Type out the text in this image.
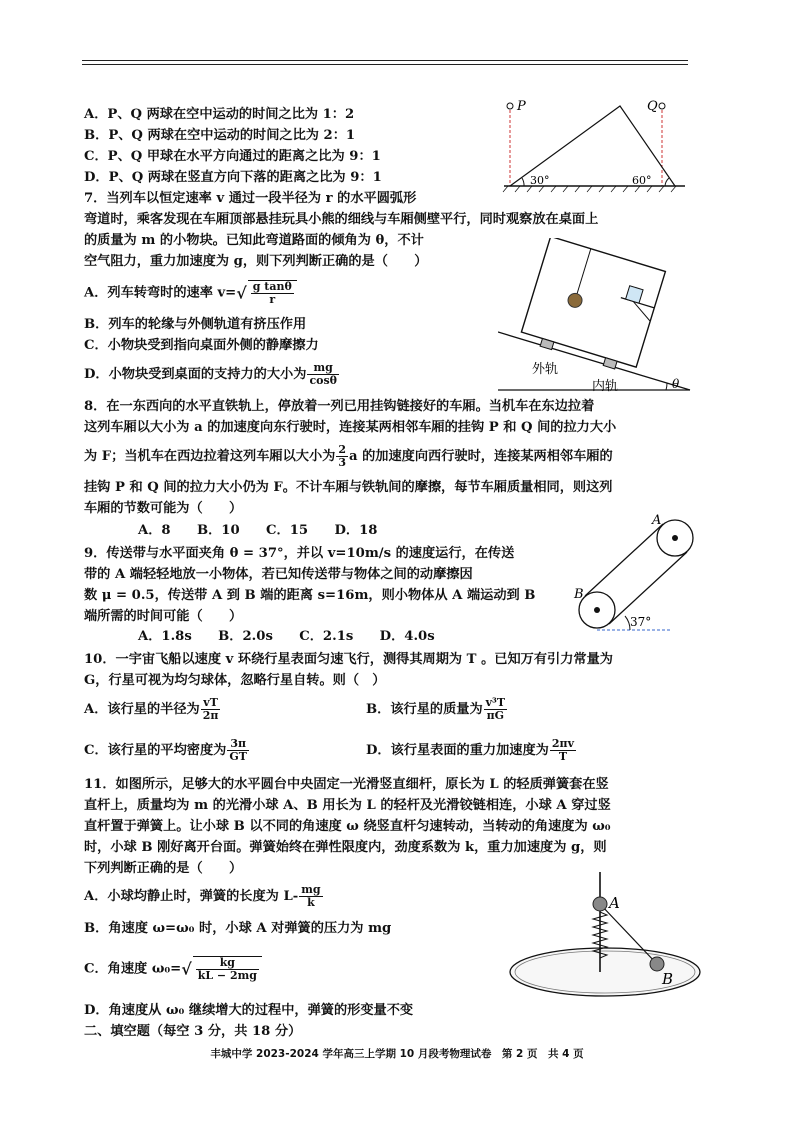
A．P、Q 两球在空中运动的时间之比为 1：2
B．P、Q 两球在空中运动的时间之比为 2：1
C．P、Q 甲球在水平方向通过的距离之比为 9：1
D．P、Q 两球在竖直方向下落的距离之比为 9：1
P	Q
30°	60°
7．当列车以恒定速率 v 通过一段半径为 r 的水平圆弧形
弯道时，乘客发现在车厢顶部悬挂玩具小熊的细线与车厢侧壁平行，同时观察放在桌面上
的质量为 m 的小物块。已知此弯道路面的倾角为 θ，不计
空气阻力，重力加速度为 g，则下列判断正确的是（　　）
A．列车转弯时的速率 $v=√ \frac{\text{g tanθ}}{r}$
B．列车的轮缘与外侧轨道有挤压作用
C．小物块受到指向桌面外侧的静摩擦力
D．小物块受到桌面的支持力的大小为 $\frac{mg}{\cos\theta}$	θ
外轨
内轨
8．在一东西向的水平直铁轨上，停放着一列已用挂钩链接好的车厢。当机车在东边拉着
这列车厢以大小为 a 的加速度向东行驶时，连接某两相邻车厢的挂钩 P 和 Q 间的拉力大小
为 F；当机车在西边拉着这列车厢以大小为 $\frac{2}{3}$ a 的加速度向西行驶时，连接某两相邻车厢的
挂钩 P 和 Q 间的拉力大小仍为 F。不计车厢与铁轨间的摩擦，每节车厢质量相同，则这列
车厢的节数可能为（　　）
A．8　　B．10　　C．15　　D．18
9．传送带与水平面夹角 θ = 37°，并以 v=10m/s 的速度运行，在传送
带的 A 端轻轻地放一小物体，若已知传送带与物体之间的动摩擦因
数 μ = 0.5，传送带 A 到 B 端的距离 s=16m，则小物体从 A 端运动到 B
端所需的时间可能（　　）
A．1.8s　　B．2.0s　　C．2.1s　　D．4.0s
37°
A
B
10．一宇宙飞船以速度 v 环绕行星表面匀速飞行，测得其周期为 T 。已知万有引力常量为
G，行星可视为均匀球体，忽略行星自转。则（　）
A．该行星的半径为 $\frac{vT}{2\pi}$	B．该行星的质量为 $\frac{\text{v³T}}{\pi G}$
C．该行星的平均密度为 $\frac{3\pi}{GT}$	D．该行星表面的重力加速度为 $\frac{2\pi v}{T}$
11．如图所示，足够大的水平圆台中央固定一光滑竖直细杆，原长为 L 的轻质弹簧套在竖
直杆上，质量均为 m 的光滑小球 A、B 用长为 L 的轻杆及光滑铰链相连，小球 A 穿过竖
直杆置于弹簧上。让小球 B 以不同的角速度 ω 绕竖直杆匀速转动，当转动的角速度为 ω₀
时，小球 B 刚好离开台面。弹簧始终在弹性限度内，劲度系数为 k，重力加速度为 g，则
下列判断正确的是（　　）
A．小球均静止时，弹簧的长度为 $L- \frac{mg}{k}$
B．角速度 ω=ω₀ 时，小球 A 对弹簧的压力为 mg
C．角速度 $\omega_0=√ \frac{kg}{kL - 2mg}$
D．角速度从 ω₀ 继续增大的过程中，弹簧的形变量不变
A
B
二、填空题（每空 3 分，共 18 分）
丰城中学 2023-2024 学年高三上学期 10 月段考物理试卷　第 2 页　共 4 页
